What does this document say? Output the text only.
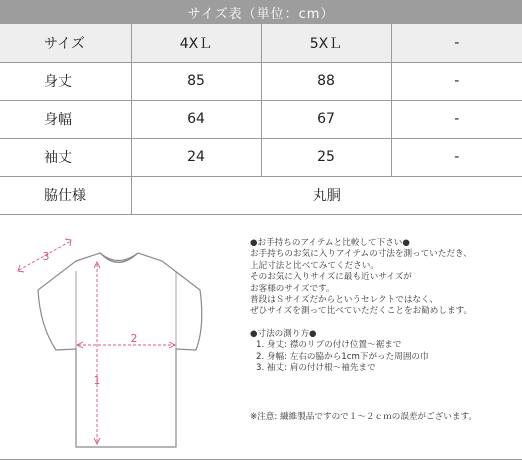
サイズ表（単位：cm）
サイズ	4XＬ	5XＬ	-
身丈	85	88	-
身幅	64	67	-
袖丈	24	25	-
脇仕様	丸胴		
1
2
3

●お手持ちのアイテムと比較して下さい●

お手持ちのお気に入りアイテムの寸法を測っていただき、

上記寸法と比べてみてください。

そのお気に入りサイズに最も近いサイズが

お客様のサイズです。

普段はＳサイズだからというセレクトではなく、

ぜひサイズを測って比べていただくことをお勧めします。

●寸法の測り方●

1. 身丈: 襟のリブの付け位置〜裾まで

2. 身幅: 左右の脇から1cm下がった周囲の巾

3. 袖丈: 肩の付け根〜袖先まで

※注意: 繊維製品ですので１〜２ｃｍの誤差がございます。
